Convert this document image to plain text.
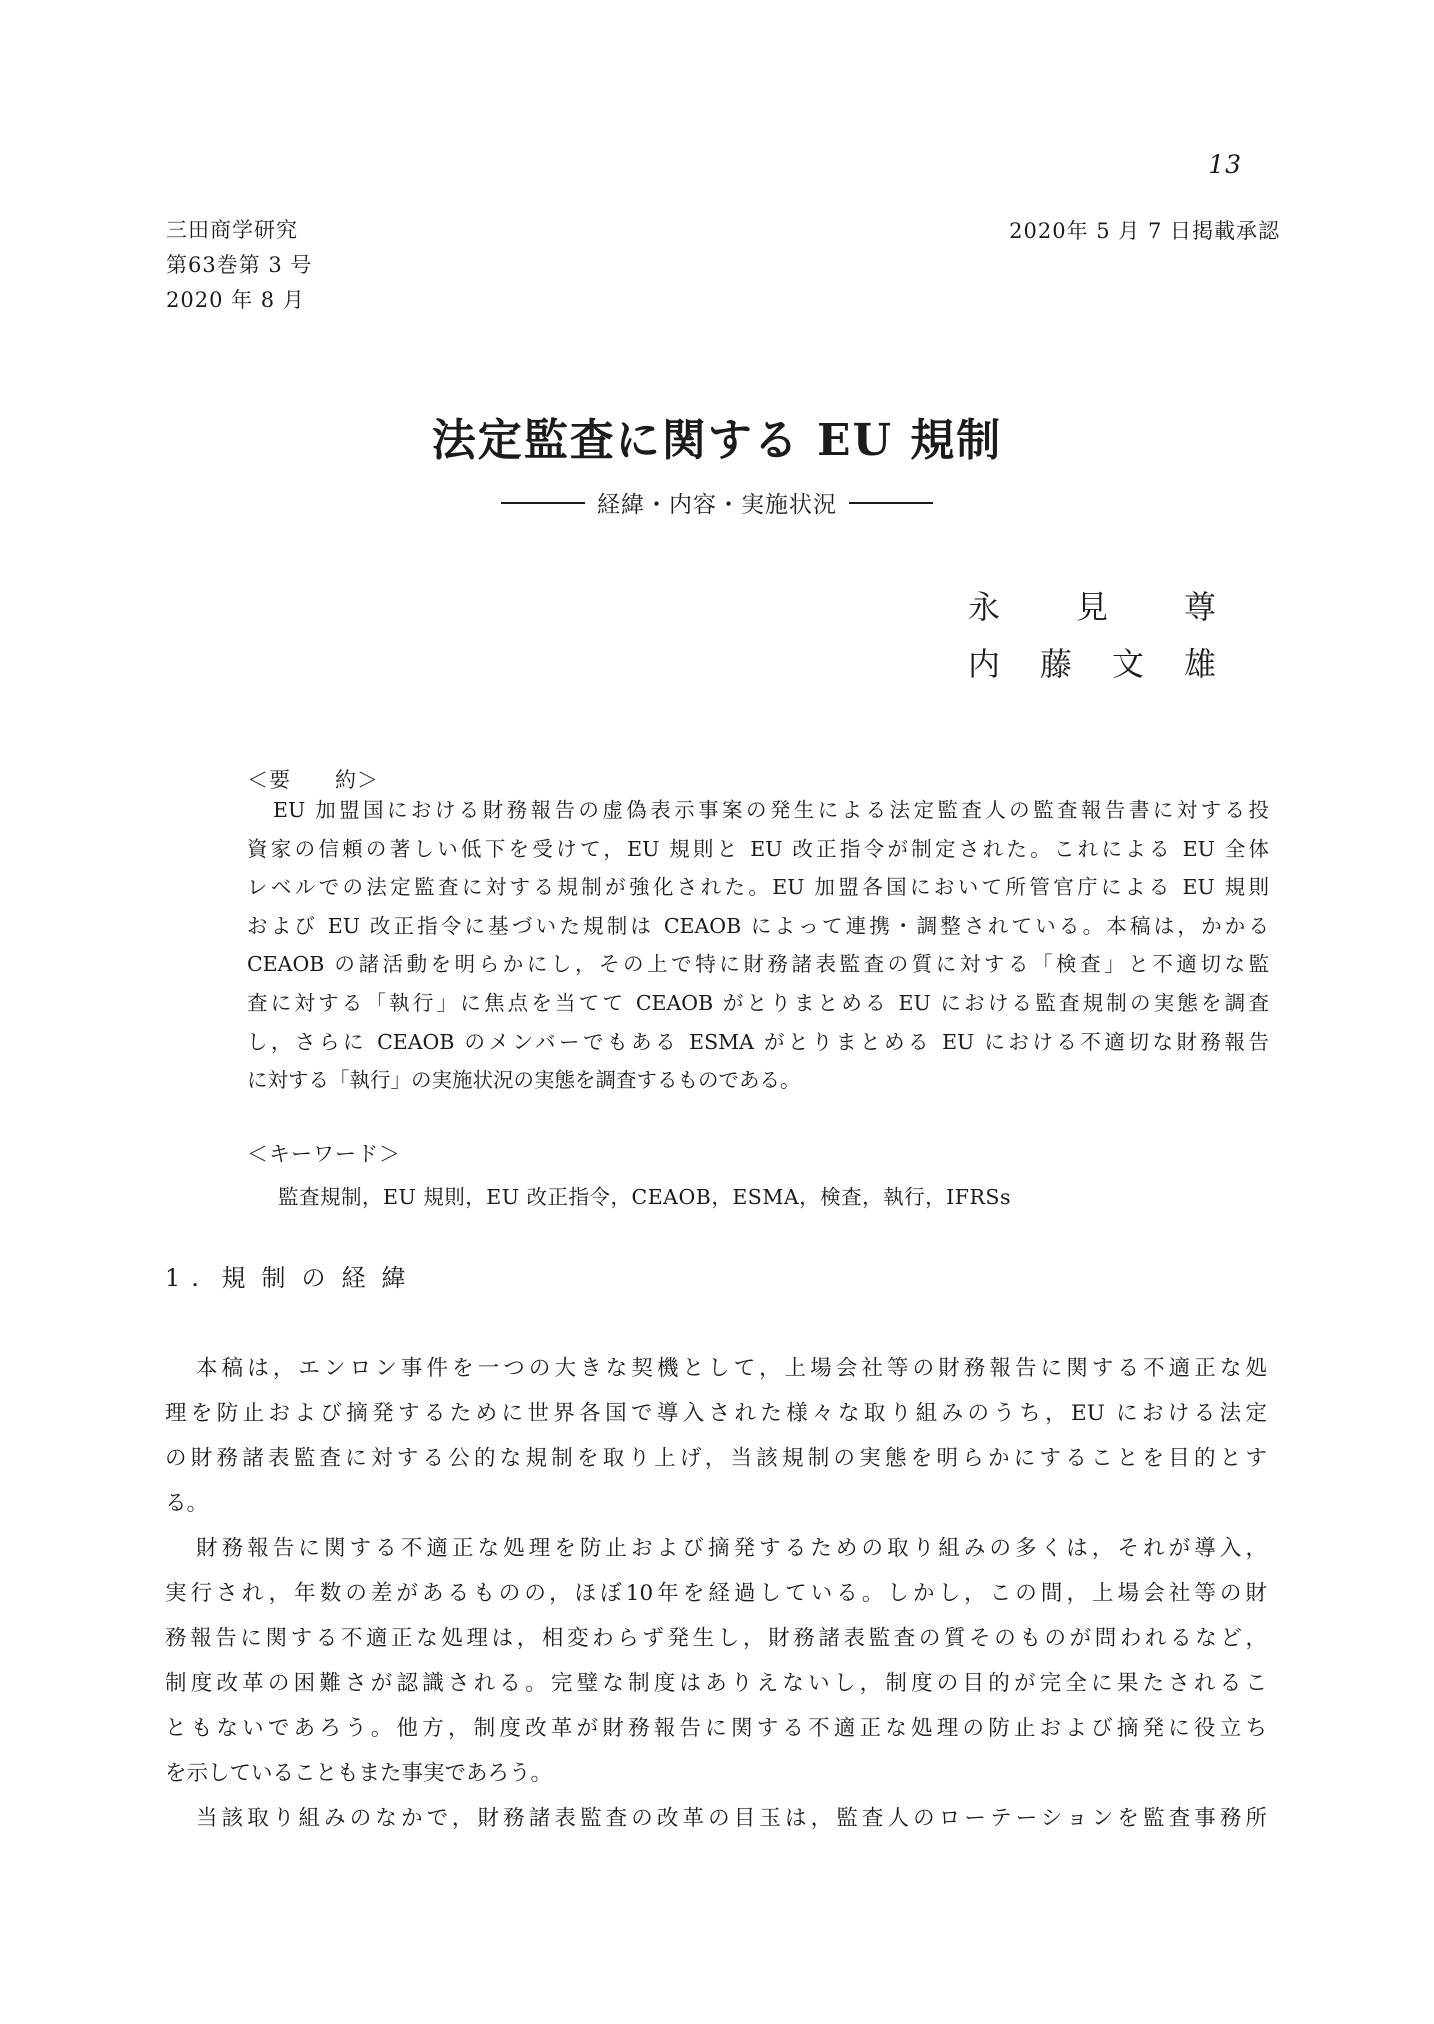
13
三田商学研究
第63巻第 3 号
2020 年 8 月
2020年 5 月 7 日掲載承認
法定監査に関する EU 規制
経緯・内容・実施状況
永 見 尊
内 藤 文 雄
＜要　　約＞
EU 加盟国における財務報告の虚偽表示事案の発生による法定監査人の監査報告書に対する投
資家の信頼の著しい低下を受けて，EU 規則と EU 改正指令が制定された。これによる EU 全体
レベルでの法定監査に対する規制が強化された。EU 加盟各国において所管官庁による EU 規則
および EU 改正指令に基づいた規制は CEAOB によって連携・調整されている。本稿は，かかる
CEAOB の諸活動を明らかにし，その上で特に財務諸表監査の質に対する「検査」と不適切な監
査に対する「執行」に焦点を当てて CEAOB がとりまとめる EU における監査規制の実態を調査
し，さらに CEAOB のメンバーでもある ESMA がとりまとめる EU における不適切な財務報告
に対する「執行」の実施状況の実態を調査するものである。
＜キーワード＞
監査規制，EU 規則，EU 改正指令，CEAOB，ESMA，検査，執行，IFRSs
1. 規制の経緯
本稿は，エンロン事件を一つの大きな契機として，上場会社等の財務報告に関する不適正な処
理を防止および摘発するために世界各国で導入された様々な取り組みのうち，EU における法定
の財務諸表監査に対する公的な規制を取り上げ，当該規制の実態を明らかにすることを目的とす
る。
財務報告に関する不適正な処理を防止および摘発するための取り組みの多くは，それが導入，
実行され，年数の差があるものの，ほぼ10年を経過している。しかし，この間，上場会社等の財
務報告に関する不適正な処理は，相変わらず発生し，財務諸表監査の質そのものが問われるなど，
制度改革の困難さが認識される。完璧な制度はありえないし，制度の目的が完全に果たされるこ
ともないであろう。他方，制度改革が財務報告に関する不適正な処理の防止および摘発に役立ち
を示していることもまた事実であろう。
当該取り組みのなかで，財務諸表監査の改革の目玉は，監査人のローテーションを監査事務所
